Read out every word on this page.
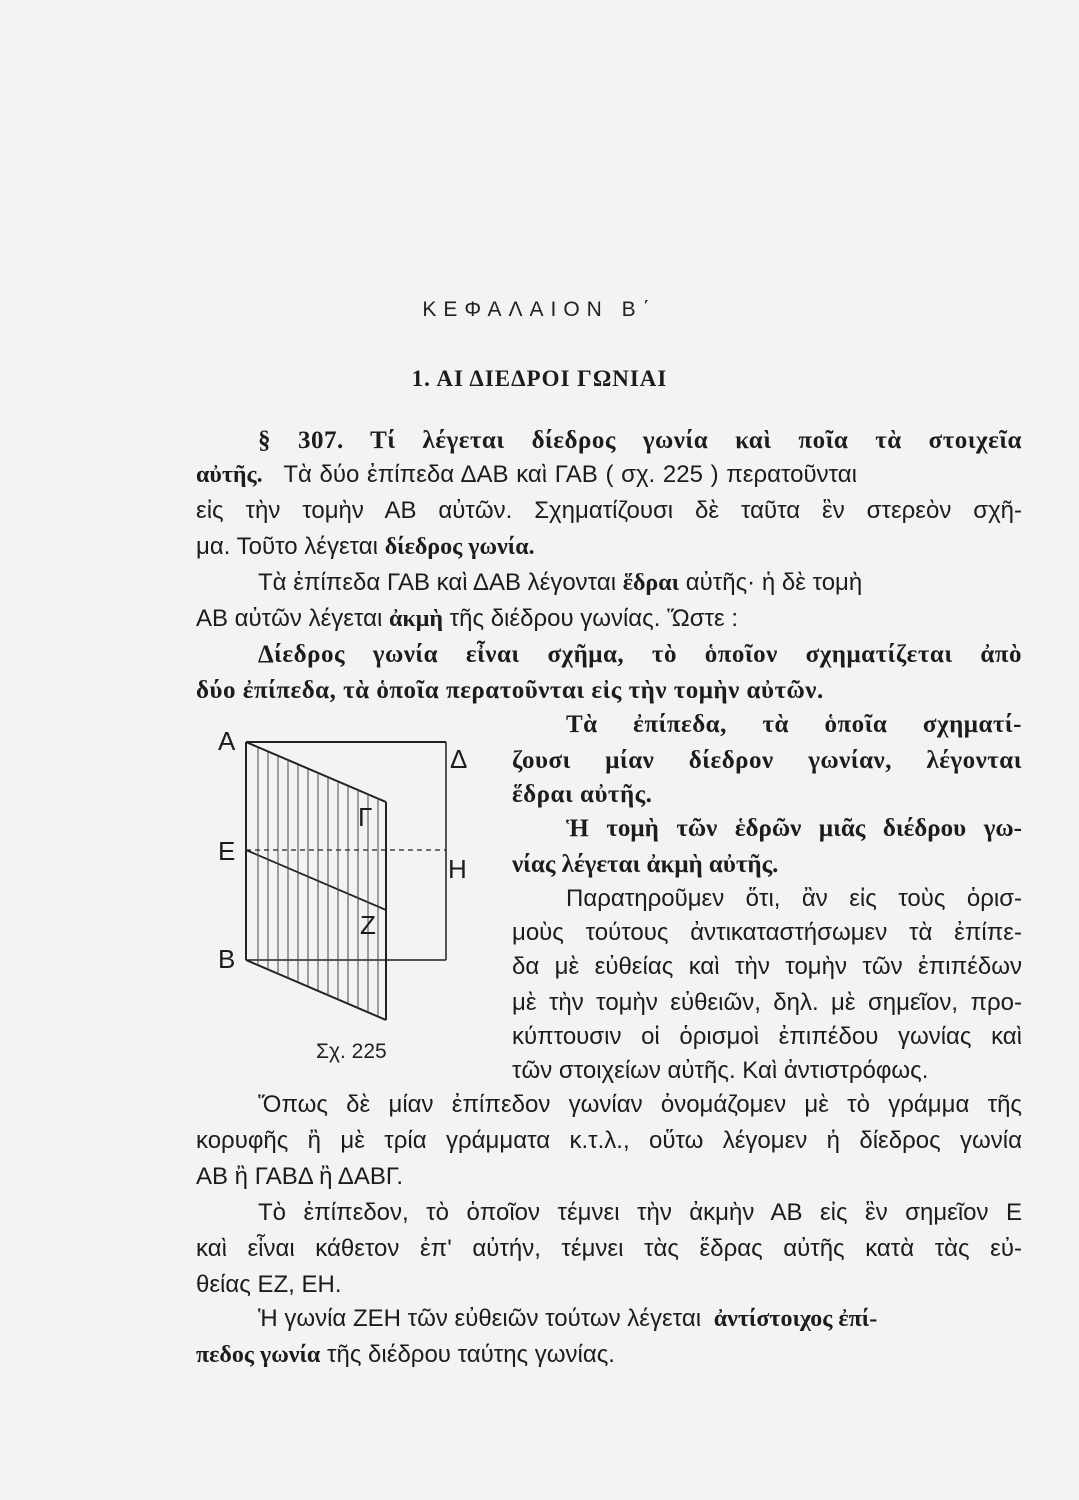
ΚΕΦΑΛΑΙΟΝ Β΄
1. ΑΙ ΔΙΕΔΡΟΙ ΓΩΝΙΑΙ
§ 307. Τί λέγεται δίεδρος γωνία καὶ ποῖα τὰ στοιχεῖα
αὐτῆς. Τὰ δύο ἐπίπεδα ΔΑΒ καὶ ΓΑΒ ( σχ. 225 ) περατοῦνται
εἰς τὴν τομὴν ΑΒ αὐτῶν. Σχηματίζουσι δὲ ταῦτα ἓν στερεὸν σχῆ-
μα. Τοῦτο λέγεται δίεδρος γωνία.
Τὰ ἐπίπεδα ΓΑΒ καὶ ΔΑΒ λέγονται ἕδραι αὐτῆς· ἡ δὲ τομὴ
ΑΒ αὐτῶν λέγεται ἀκμὴ τῆς διέδρου γωνίας. Ὥστε :
Δίεδρος γωνία εἶναι σχῆμα, τὸ ὁποῖον σχηματίζεται ἀπὸ
δύο ἐπίπεδα, τὰ ὁποῖα περατοῦνται εἰς τὴν τομὴν αὐτῶν.
Τὰ ἐπίπεδα, τὰ ὁποῖα σχηματί-
ζουσι μίαν δίεδρον γωνίαν, λέγονται
ἕδραι αὐτῆς.
Ἡ τομὴ τῶν ἑδρῶν μιᾶς διέδρου γω-
νίας λέγεται ἀκμὴ αὐτῆς.
Παρατηροῦμεν ὅτι, ἂν εἰς τοὺς ὁρισ-
μοὺς τούτους ἀντικαταστήσωμεν τὰ ἐπίπε-
δα μὲ εὐθείας καὶ τὴν τομὴν τῶν ἐπιπέδων
μὲ τὴν τομὴν εὐθειῶν, δηλ. μὲ σημεῖον, προ-
κύπτουσιν οἱ ὁρισμοὶ ἐπιπέδου γωνίας καὶ
τῶν στοιχείων αὐτῆς. Καὶ ἀντιστρόφως.
Ὅπως δὲ μίαν ἐπίπεδον γωνίαν ὀνομάζομεν μὲ τὸ γράμμα τῆς
κορυφῆς ἢ μὲ τρία γράμματα κ.τ.λ., οὕτω λέγομεν ἡ δίεδρος γωνία
ΑΒ ἢ ΓΑΒΔ ἢ ΔΑΒΓ.
Τὸ ἐπίπεδον, τὸ ὁποῖον τέμνει τὴν ἀκμὴν ΑΒ εἰς ἓν σημεῖον Ε
καὶ εἶναι κάθετον ἐπ' αὐτήν, τέμνει τὰς ἕδρας αὐτῆς κατὰ τὰς εὐ-
θείας ΕΖ, ΕΗ.
Ἡ γωνία ΖΕΗ τῶν εὐθειῶν τούτων λέγεται ἀντίστοιχος ἐπί-
πεδος γωνία τῆς διέδρου ταύτης γωνίας.
Α
Β
Ε
Γ
Δ
Η
Ζ
Σχ. 225
